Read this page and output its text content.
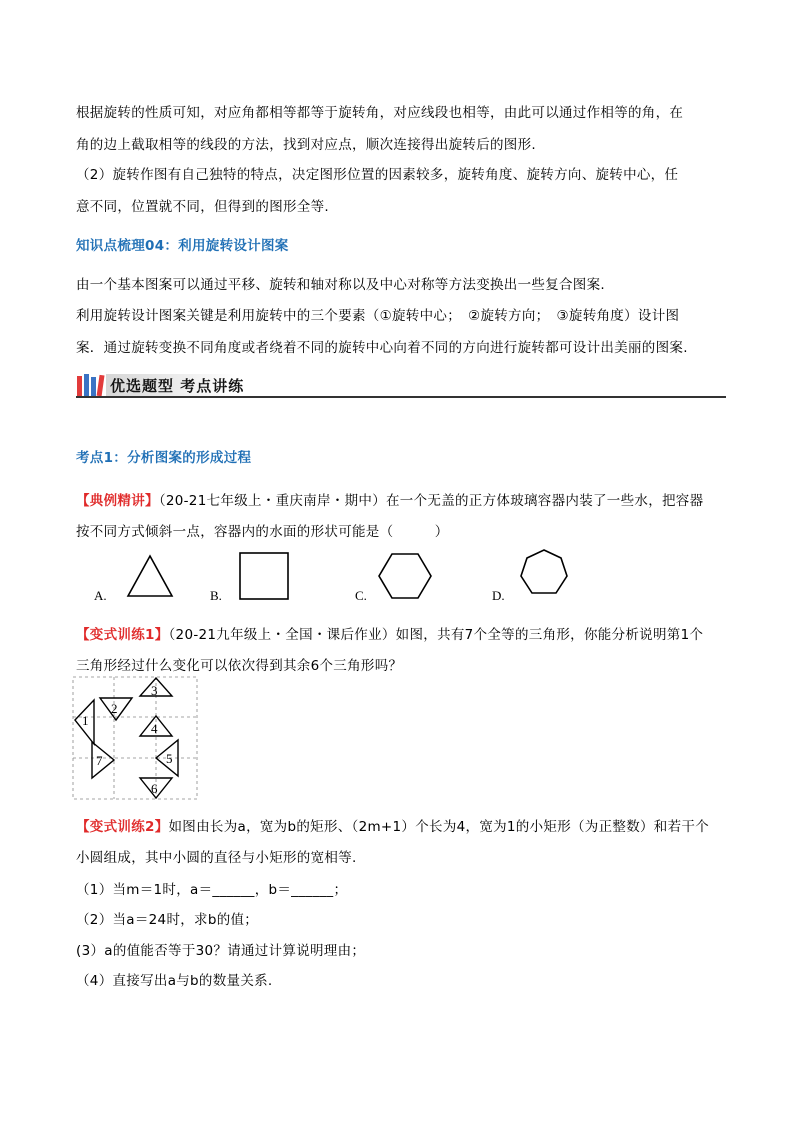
根据旋转的性质可知，对应角都相等都等于旋转角，对应线段也相等，由此可以通过作相等的角，在
角的边上截取相等的线段的方法，找到对应点，顺次连接得出旋转后的图形.
（2）旋转作图有自己独特的特点，决定图形位置的因素较多，旋转角度、旋转方向、旋转中心，任
意不同，位置就不同，但得到的图形全等.
知识点梳理04：利用旋转设计图案
由一个基本图案可以通过平移、旋转和轴对称以及中心对称等方法变换出一些复合图案.
利用旋转设计图案关键是利用旋转中的三个要素（①旋转中心；　②旋转方向；　③旋转角度）设计图
案．通过旋转变换不同角度或者绕着不同的旋转中心向着不同的方向进行旋转都可设计出美丽的图案.
优选题型 考点讲练
考点1：分析图案的形成过程
【典例精讲】（20-21七年级上・重庆南岸・期中）在一个无盖的正方体玻璃容器内装了一些水，把容器
按不同方式倾斜一点，容器内的水面的形状可能是（　　　）
A.	B.	C.	D.
【变式训练1】（20-21九年级上・全国・课后作业）如图，共有7个全等的三角形，你能分析说明第1个
三角形经过什么变化可以依次得到其余6个三角形吗？
1
2
3
4
5
6
7
【变式训练2】如图由长为a，宽为b的矩形、（2m+1）个长为4，宽为1的小矩形（为正整数）和若干个
小圆组成，其中小圆的直径与小矩形的宽相等.
（1）当m＝1时，a＝______，b＝______；
（2）当a＝24时，求b的值；
(3）a的值能否等于30？请通过计算说明理由；
（4）直接写出a与b的数量关系.
